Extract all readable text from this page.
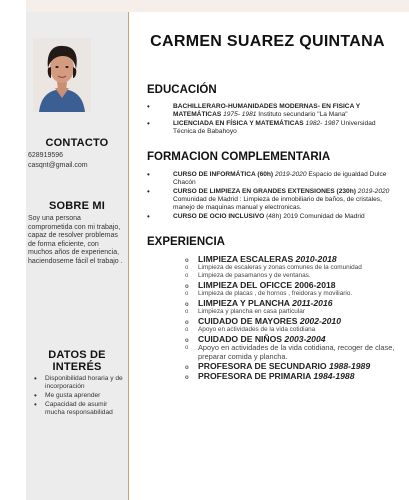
CONTACTO
628919596
casqnt@gmail.com
SOBRE MI
Soy una persona comprometida con mi trabajo, capaz de resolver problemas de forma eficiente, con muchos años de experiencia, haciendoseme fácil el trabajo .
DATOS DE INTERÉS
• Disponibilidad horaria y de incorporación
• Me gusta aprender
• Capacidad de asumir mucha responsabilidad
CARMEN SUAREZ QUINTANA
EDUCACIÓN
• BACHILLERARO-HUMANIDADES MODERNAS- EN FISICA Y MATEMÁTICAS 1975- 1981 Instituto secundario "La Mana"
• LICENCIADA EN FÍSICA Y MATEMÁTICAS 1982- 1987 Universidad Técnica de Babahoyo
FORMACION COMPLEMENTARIA
• CURSO DE INFORMÁTICA (60h) 2019-2020 Espacio de igualdad Dulce Chacón
• CURSO DE LIMPIEZA EN GRANDES EXTENSIONES (230h) 2019-2020 Comunidad de Madrid : Limpieza de inmobiliario de baños, de cristales, manejo de maquinas manual y electronicas.
• CURSO DE OCIO INCLUSIVO (48h) 2019 Comunidad de Madrid
EXPERIENCIA
o LIMPIEZA ESCALERAS 2010-2018
o Limpieza de escaleras y zonas comunes de la comunidad
o Limpieza de pasamanos y de ventanas.
o LIMPIEZA DEL OFICCE 2006-2018
o Limpieza de placas , de hornos , freidoras y moviliario.
o LIMPIEZA Y PLANCHA 2011-2016
o Limpieza y plancha en casa particular
o CUIDADO DE MAYORES 2002-2010
o Apoyo en actividades de la vida cotidiana
o CUIDADO DE NIÑOS 2003-2004
o Apoyo en actividades de la vida cotidiana, recoger de clase, preparar comida y plancha.
o PROFESORA DE SECUNDARIO 1988-1989
o PROFESORA DE PRIMARIA 1984-1988
